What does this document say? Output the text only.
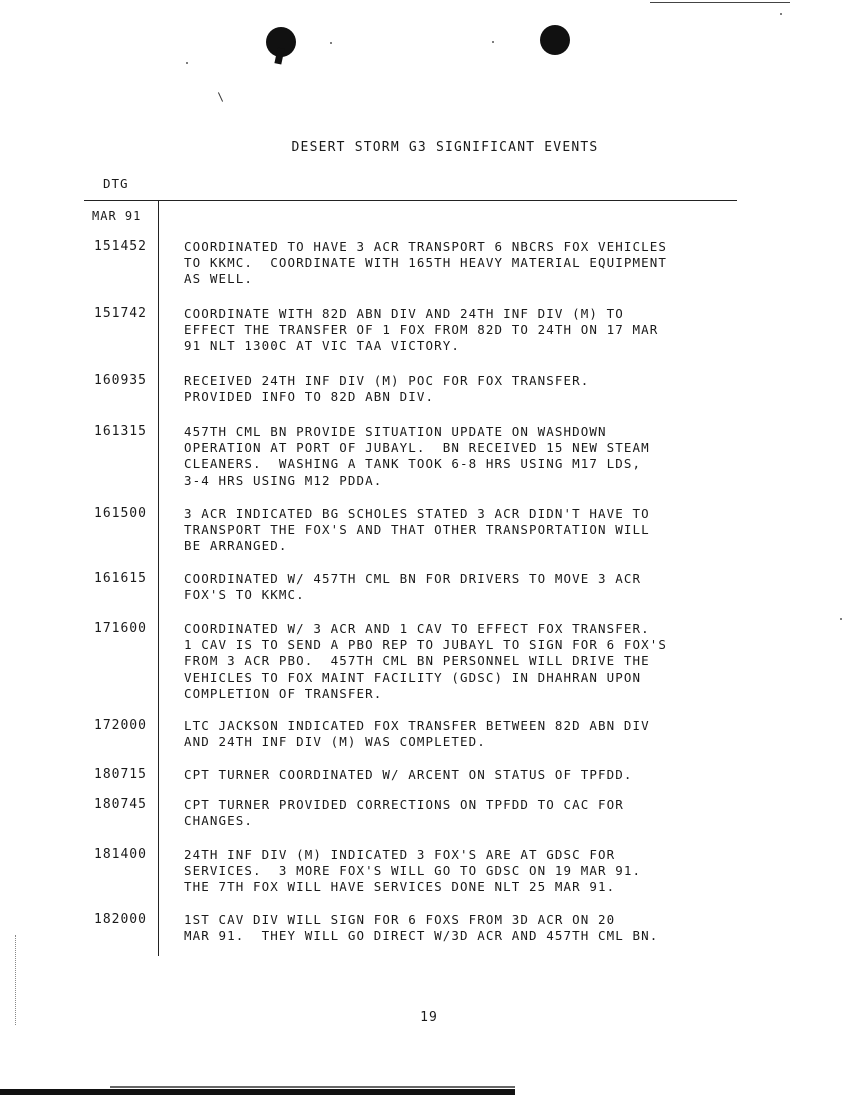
DESERT STORM G3 SIGNIFICANT EVENTS
DTG
MAR 91
151452	COORDINATED TO HAVE 3 ACR TRANSPORT 6 NBCRS FOX VEHICLES
TO KKMC.  COORDINATE WITH 165TH HEAVY MATERIAL EQUIPMENT
AS WELL.
151742	COORDINATE WITH 82D ABN DIV AND 24TH INF DIV (M) TO
EFFECT THE TRANSFER OF 1 FOX FROM 82D TO 24TH ON 17 MAR
91 NLT 1300C AT VIC TAA VICTORY.
160935	RECEIVED 24TH INF DIV (M) POC FOR FOX TRANSFER.
PROVIDED INFO TO 82D ABN DIV.
161315	457TH CML BN PROVIDE SITUATION UPDATE ON WASHDOWN
OPERATION AT PORT OF JUBAYL.  BN RECEIVED 15 NEW STEAM
CLEANERS.  WASHING A TANK TOOK 6-8 HRS USING M17 LDS,
3-4 HRS USING M12 PDDA.
161500	3 ACR INDICATED BG SCHOLES STATED 3 ACR DIDN'T HAVE TO
TRANSPORT THE FOX'S AND THAT OTHER TRANSPORTATION WILL
BE ARRANGED.
161615	COORDINATED W/ 457TH CML BN FOR DRIVERS TO MOVE 3 ACR
FOX'S TO KKMC.
171600	COORDINATED W/ 3 ACR AND 1 CAV TO EFFECT FOX TRANSFER.
1 CAV IS TO SEND A PBO REP TO JUBAYL TO SIGN FOR 6 FOX'S
FROM 3 ACR PBO.  457TH CML BN PERSONNEL WILL DRIVE THE
VEHICLES TO FOX MAINT FACILITY (GDSC) IN DHAHRAN UPON
COMPLETION OF TRANSFER.
172000	LTC JACKSON INDICATED FOX TRANSFER BETWEEN 82D ABN DIV
AND 24TH INF DIV (M) WAS COMPLETED.
180715	CPT TURNER COORDINATED W/ ARCENT ON STATUS OF TPFDD.
180745	CPT TURNER PROVIDED CORRECTIONS ON TPFDD TO CAC FOR
CHANGES.
181400	24TH INF DIV (M) INDICATED 3 FOX'S ARE AT GDSC FOR
SERVICES.  3 MORE FOX'S WILL GO TO GDSC ON 19 MAR 91.
THE 7TH FOX WILL HAVE SERVICES DONE NLT 25 MAR 91.
182000	1ST CAV DIV WILL SIGN FOR 6 FOXS FROM 3D ACR ON 20
MAR 91.  THEY WILL GO DIRECT W/3D ACR AND 457TH CML BN.
19
